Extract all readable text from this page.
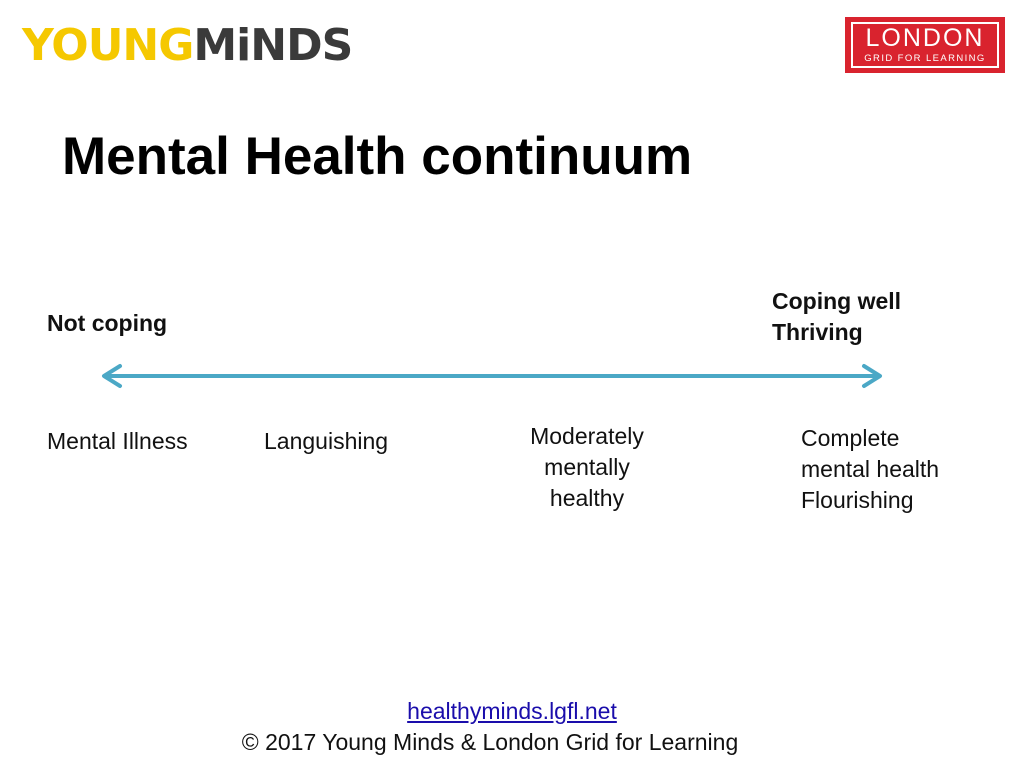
YOUNG MiNDS	LONDON
GRID FOR LEARNING
Mental Health continuum
Not coping
Coping well
Thriving
Mental Illness	Languishing	Moderately
mentally
healthy
Complete
mental health
Flourishing
healthyminds.lgfl.net
© 2017 Young Minds & London Grid for Learning
